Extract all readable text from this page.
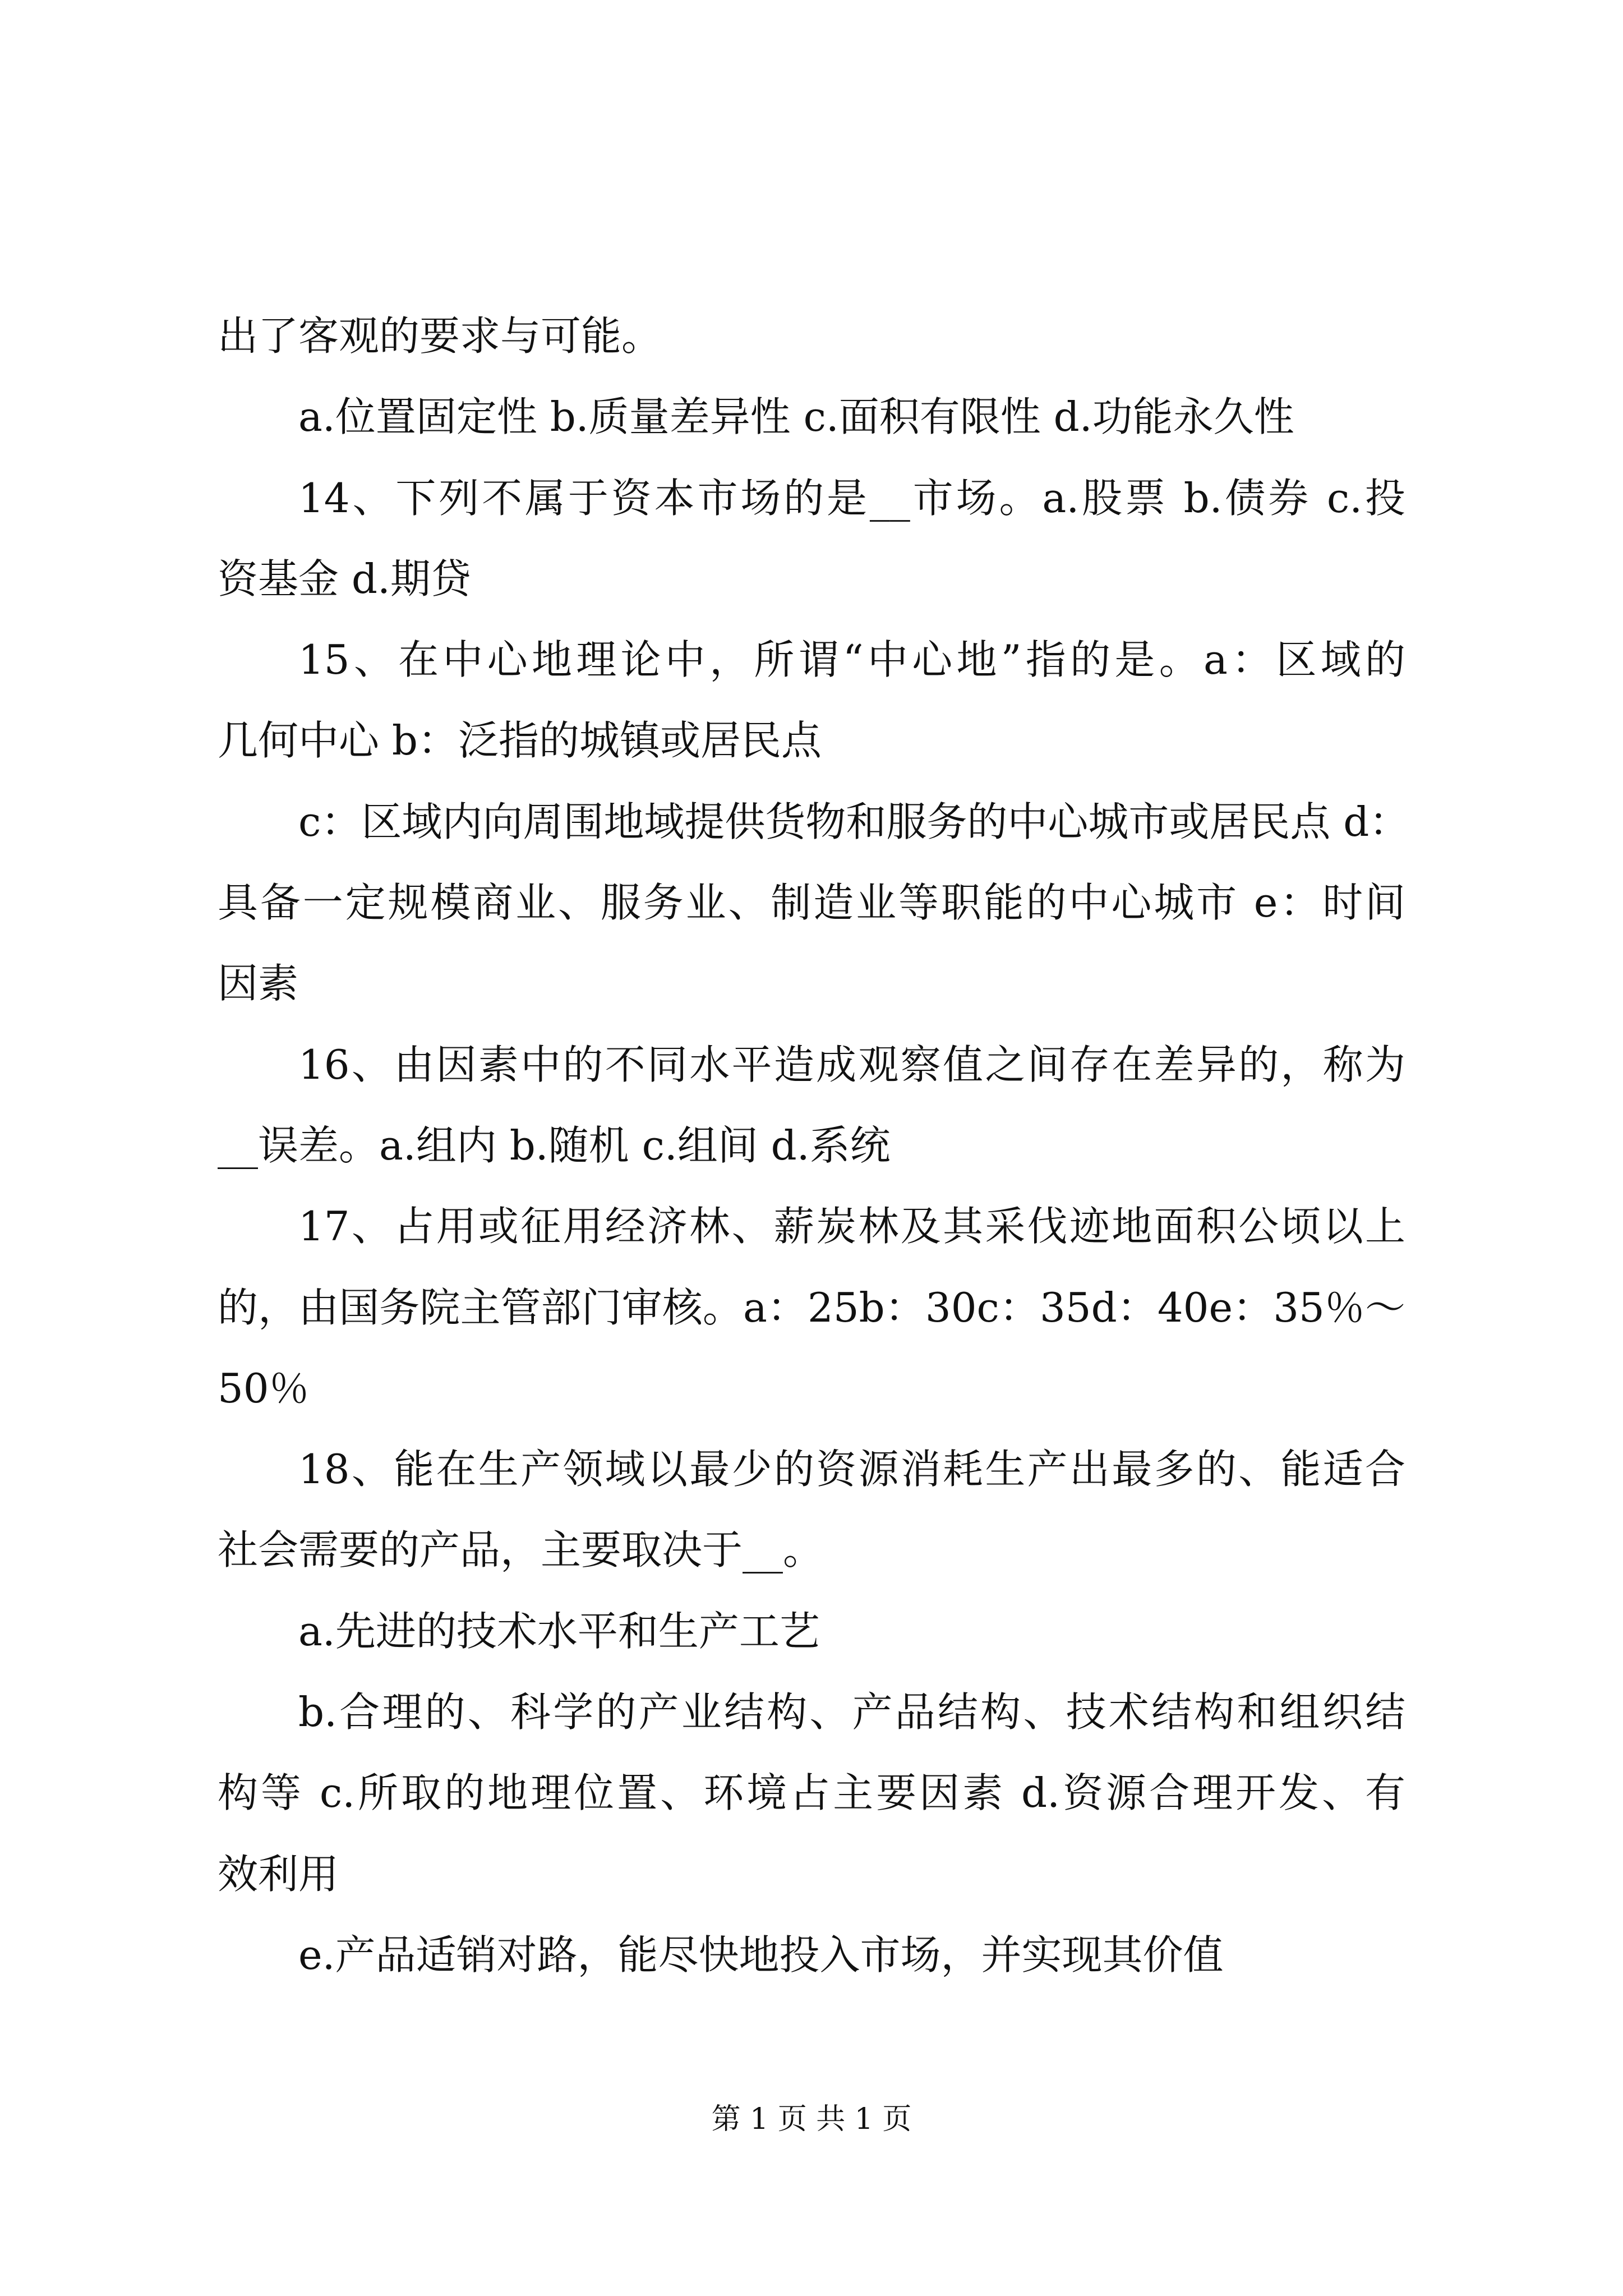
出了客观的要求与可能。
a.位置固定性 b.质量差异性 c.面积有限性 d.功能永久性
14、下列不属于资本市场的是__市场。a.股票 b.债券 c.投
资基金 d.期贷
15、在中心地理论中，所谓“中心地”指的是。a：区域的
几何中心 b：泛指的城镇或居民点
c：区域内向周围地域提供货物和服务的中心城市或居民点 d：
具备一定规模商业、服务业、制造业等职能的中心城市 e：时间
因素
16、由因素中的不同水平造成观察值之间存在差异的，称为
__误差。a.组内 b.随机 c.组间 d.系统
17、占用或征用经济林、薪炭林及其采伐迹地面积公顷以上
的，由国务院主管部门审核。a：25b：30c：35d：40e：35％～
50％
18、能在生产领域以最少的资源消耗生产出最多的、能适合
社会需要的产品，主要取决于__。
a.先进的技术水平和生产工艺
b.合理的、科学的产业结构、产品结构、技术结构和组织结
构等 c.所取的地理位置、环境占主要因素 d.资源合理开发、有
效利用
e.产品适销对路，能尽快地投入市场，并实现其价值
第 1 页 共 1 页
